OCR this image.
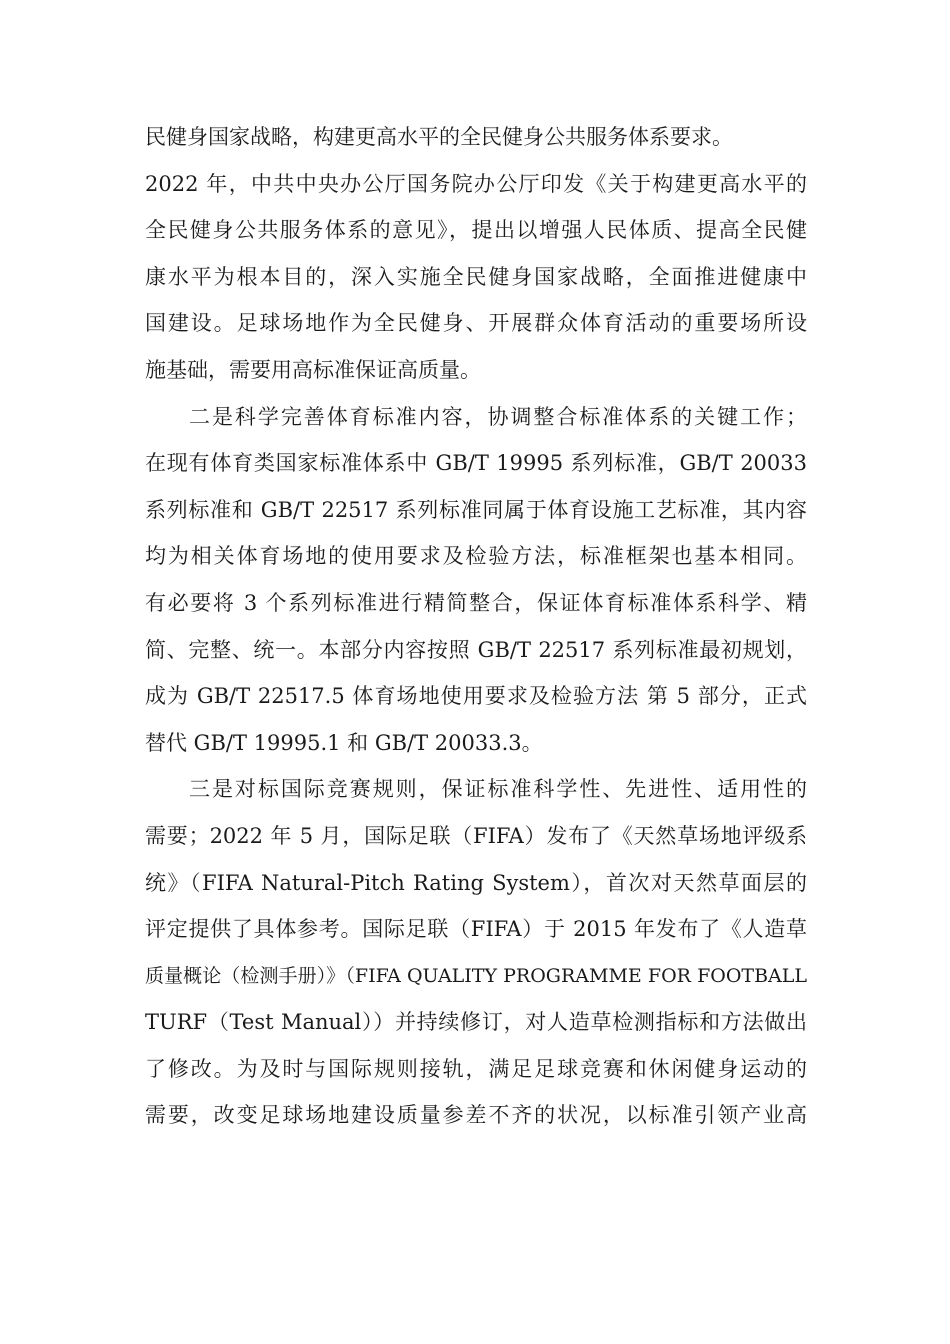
民健身国家战略，构建更高水平的全民健身公共服务体系要求。
2022 年，中共中央办公厅国务院办公厅印发《关于构建更高水平的
全民健身公共服务体系的意见》，提出以增强人民体质、提高全民健
康水平为根本目的，深入实施全民健身国家战略，全面推进健康中
国建设。足球场地作为全民健身、开展群众体育活动的重要场所设
施基础，需要用高标准保证高质量。
二是科学完善体育标准内容，协调整合标准体系的关键工作；
在现有体育类国家标准体系中 GB/T 19995 系列标准，GB/T 20033
系列标准和 GB/T 22517 系列标准同属于体育设施工艺标准，其内容
均为相关体育场地的使用要求及检验方法，标准框架也基本相同。
有必要将 3 个系列标准进行精简整合，保证体育标准体系科学、精
简、完整、统一。本部分内容按照 GB/T 22517 系列标准最初规划，
成为 GB/T 22517.5 体育场地使用要求及检验方法 第 5 部分，正式
替代 GB/T 19995.1 和 GB/T 20033.3。
三是对标国际竞赛规则，保证标准科学性、先进性、适用性的
需要；2022 年 5 月，国际足联（FIFA）发布了《天然草场地评级系
统》（FIFA Natural-Pitch Rating System），首次对天然草面层的
评定提供了具体参考。国际足联（FIFA）于 2015 年发布了《人造草
质量概论（检测手册）》（FIFA QUALITY PROGRAMME FOR FOOTBALL
TURF（Test Manual））并持续修订，对人造草检测指标和方法做出
了修改。为及时与国际规则接轨，满足足球竞赛和休闲健身运动的
需要，改变足球场地建设质量参差不齐的状况，以标准引领产业高
